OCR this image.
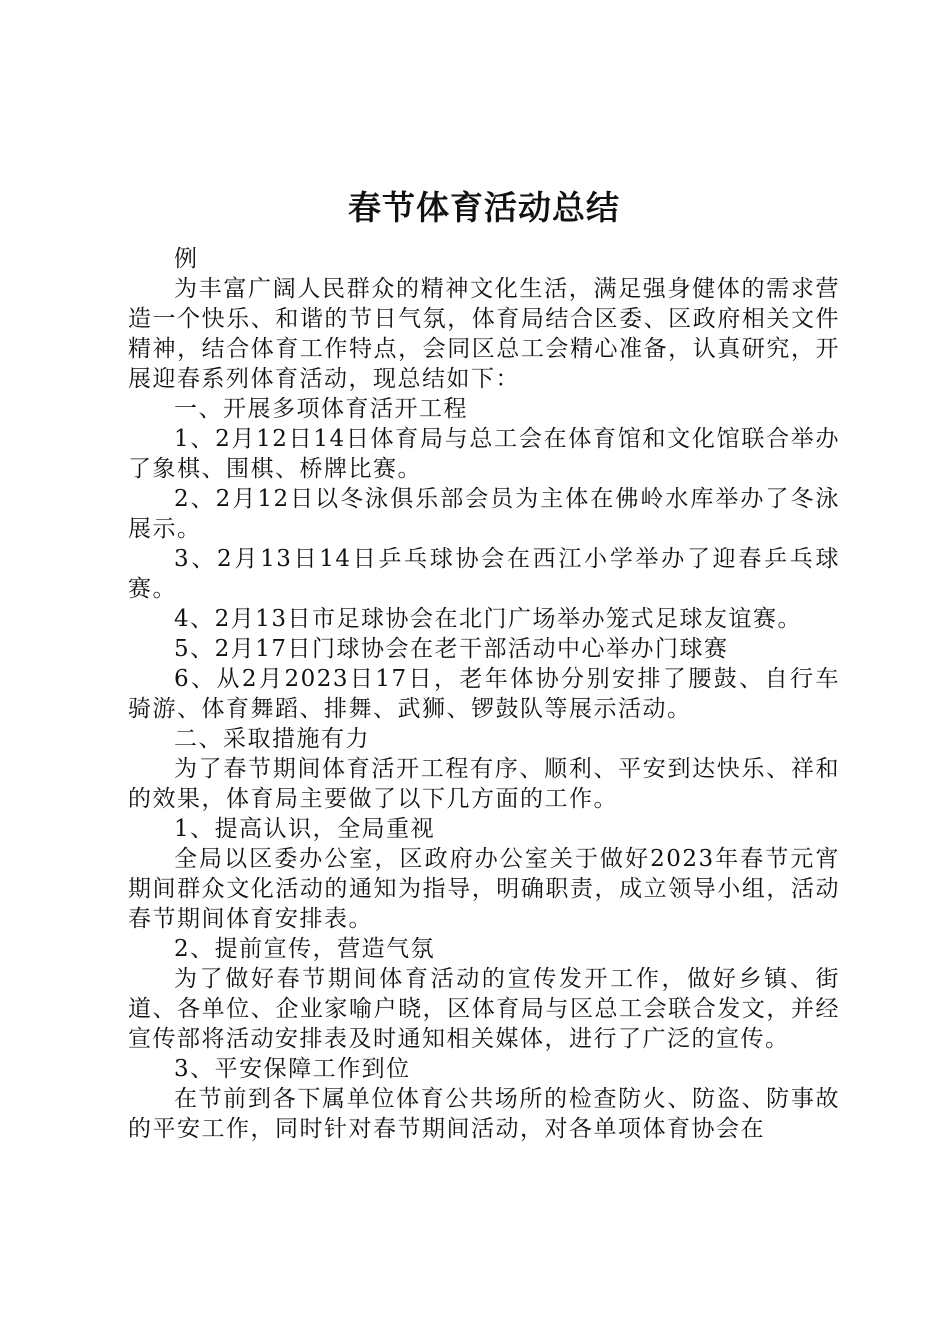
春节体育活动总结

例

为丰富广阔人民群众的精神文化生活，满足强身健体的需求营造一个快乐、和谐的节日气氛，体育局结合区委、区政府相关文件精神，结合体育工作特点，会同区总工会精心准备，认真研究，开展迎春系列体育活动，现总结如下：

一、开展多项体育活开工程

1、2月12日14日体育局与总工会在体育馆和文化馆联合举办了象棋、围棋、桥牌比赛。

2、2月12日以冬泳俱乐部会员为主体在佛岭水库举办了冬泳展示。

3、2月13日14日乒乓球协会在西江小学举办了迎春乒乓球赛。

4、2月13日市足球协会在北门广场举办笼式足球友谊赛。

5、2月17日门球协会在老干部活动中心举办门球赛

6、从2月2023日17日，老年体协分别安排了腰鼓、自行车骑游、体育舞蹈、排舞、武狮、锣鼓队等展示活动。

二、采取措施有力

为了春节期间体育活开工程有序、顺利、平安到达快乐、祥和的效果，体育局主要做了以下几方面的工作。

1、提高认识，全局重视

全局以区委办公室，区政府办公室关于做好2023年春节元宵期间群众文化活动的通知为指导，明确职责，成立领导小组，活动春节期间体育安排表。

2、提前宣传，营造气氛

为了做好春节期间体育活动的宣传发开工作，做好乡镇、街道、各单位、企业家喻户晓，区体育局与区总工会联合发文，并经宣传部将活动安排表及时通知相关媒体，进行了广泛的宣传。

3、平安保障工作到位

在节前到各下属单位体育公共场所的检查防火、防盗、防事故的平安工作，同时针对春节期间活动，对各单项体育协会在
